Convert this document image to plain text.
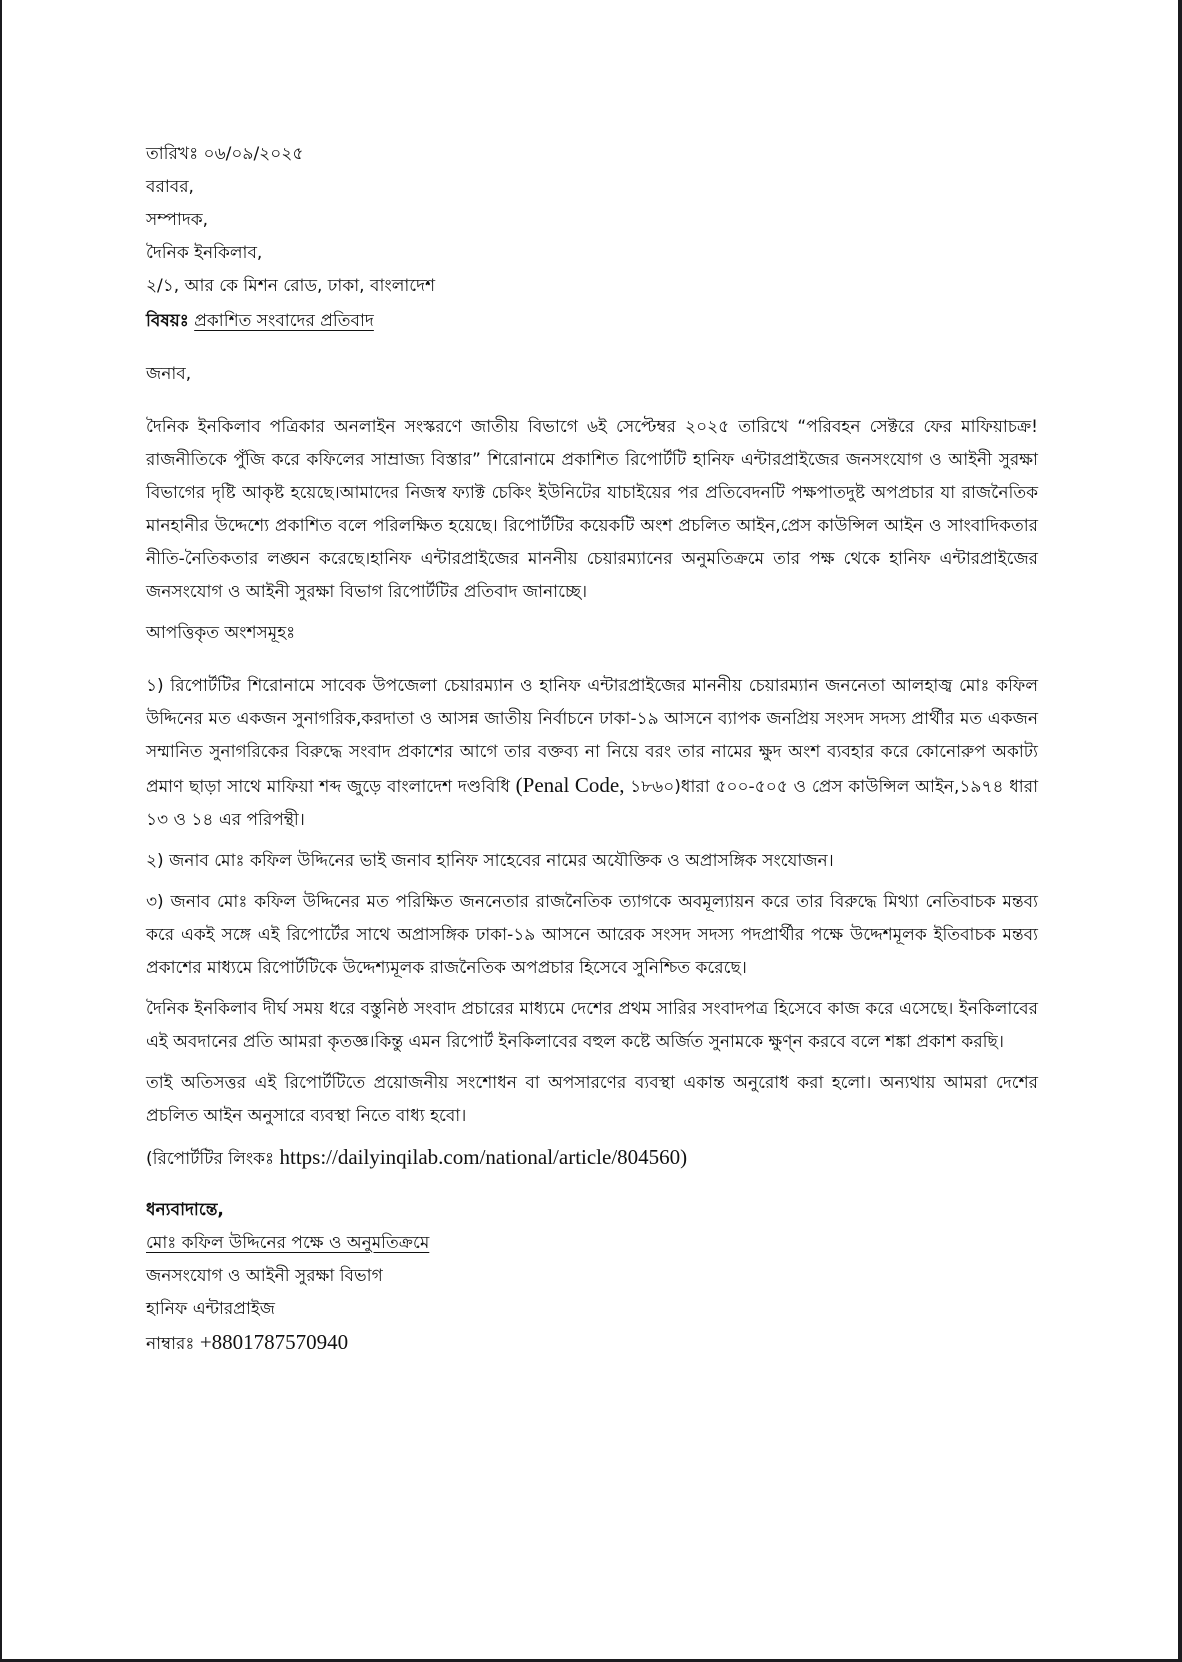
তারিখঃ ০৬/০৯/২০২৫
বরাবর,
সম্পাদক,
দৈনিক ইনকিলাব,
২/১, আর কে মিশন রোড, ঢাকা, বাংলাদেশ
বিষয়ঃ প্রকাশিত সংবাদের প্রতিবাদ
জনাব,

দৈনিক ইনকিলাব পত্রিকার অনলাইন সংস্করণে জাতীয় বিভাগে ৬ই সেপ্টেম্বর ২০২৫ তারিখে “পরিবহন সেক্টরে ফের মাফিয়াচক্র!রাজনীতিকে পুঁজি করে কফিলের সাম্রাজ্য বিস্তার” শিরোনামে প্রকাশিত রিপোর্টটি হানিফ এন্টারপ্রাইজের জনসংযোগ ও আইনী সুরক্ষা বিভাগের দৃষ্টি আকৃষ্ট হয়েছে।আমাদের নিজস্ব ফ্যাক্ট চেকিং ইউনিটের যাচাইয়ের পর প্রতিবেদনটি পক্ষপাতদুষ্ট অপপ্রচার যা রাজনৈতিক মানহানীর উদ্দেশ্যে প্রকাশিত বলে পরিলক্ষিত হয়েছে। রিপোর্টটির কয়েকটি অংশ প্রচলিত আইন,প্রেস কাউন্সিল আইন ও সাংবাদিকতার নীতি-নৈতিকতার লঙ্ঘন করেছে।হানিফ এন্টারপ্রাইজের মাননীয় চেয়ারম্যানের অনুমতিক্রমে তার পক্ষ থেকে হানিফ এন্টারপ্রাইজের জনসংযোগ ও আইনী সুরক্ষা বিভাগ রিপোর্টটির প্রতিবাদ জানাচ্ছে।

আপত্তিকৃত অংশসমূহঃ

১) রিপোর্টটির শিরোনামে সাবেক উপজেলা চেয়ারম্যান ও হানিফ এন্টারপ্রাইজের মাননীয় চেয়ারম্যান জননেতা আলহাজ্ব মোঃ কফিল উদ্দিনের মত একজন সুনাগরিক,করদাতা ও আসন্ন জাতীয় নির্বাচনে ঢাকা-১৯ আসনে ব্যাপক জনপ্রিয় সংসদ সদস্য প্রার্থীর মত একজন সম্মানিত সুনাগরিকের বিরুদ্ধে সংবাদ প্রকাশের আগে তার বক্তব্য না নিয়ে বরং তার নামের ক্ষুদ অংশ ব্যবহার করে কোনোরুপ অকাট্য প্রমাণ ছাড়া সাথে মাফিয়া শব্দ জুড়ে বাংলাদেশ দণ্ডবিধি (Penal Code, ১৮৬০)ধারা ৫০০-৫০৫ ও প্রেস কাউন্সিল আইন,১৯৭৪ ধারা ১৩ ও ১৪ এর পরিপন্থী।

২) জনাব মোঃ কফিল উদ্দিনের ভাই জনাব হানিফ সাহেবের নামের অযৌক্তিক ও অপ্রাসঙ্গিক সংযোজন।

৩) জনাব মোঃ কফিল উদ্দিনের মত পরিক্ষিত জননেতার রাজনৈতিক ত্যাগকে অবমূল্যায়ন করে তার বিরুদ্ধে মিথ্যা নেতিবাচক মন্তব্য করে একই সঙ্গে এই রিপোর্টের সাথে অপ্রাসঙ্গিক ঢাকা-১৯ আসনে আরেক সংসদ সদস্য পদপ্রার্থীর পক্ষে উদ্দেশমূলক ইতিবাচক মন্তব্য প্রকাশের মাধ্যমে রিপোর্টটিকে উদ্দেশ্যমূলক রাজনৈতিক অপপ্রচার হিসেবে সুনিশ্চিত করেছে।

দৈনিক ইনকিলাব দীর্ঘ সময় ধরে বস্তুনিষ্ঠ সংবাদ প্রচারের মাধ্যমে দেশের প্রথম সারির সংবাদপত্র হিসেবে কাজ করে এসেছে। ইনকিলাবের এই অবদানের প্রতি আমরা কৃতজ্ঞ।কিন্তু এমন রিপোর্ট ইনকিলাবের বহুল কষ্টে অর্জিত সুনামকে ক্ষুণ্ন করবে বলে শঙ্কা প্রকাশ করছি।

তাই অতিসত্তর এই রিপোর্টটিতে প্রয়োজনীয় সংশোধন বা অপসারণের ব্যবস্থা একান্ত অনুরোধ করা হলো। অন্যথায় আমরা দেশের প্রচলিত আইন অনুসারে ব্যবস্থা নিতে বাধ্য হবো।

(রিপোর্টটির লিংকঃ https://dailyinqilab.com/national/article/804560)
ধন্যবাদান্তে,
মোঃ কফিল উদ্দিনের পক্ষে ও অনুমতিক্রমে
জনসংযোগ ও আইনী সুরক্ষা বিভাগ
হানিফ এন্টারপ্রাইজ
নাম্বারঃ +8801787570940
